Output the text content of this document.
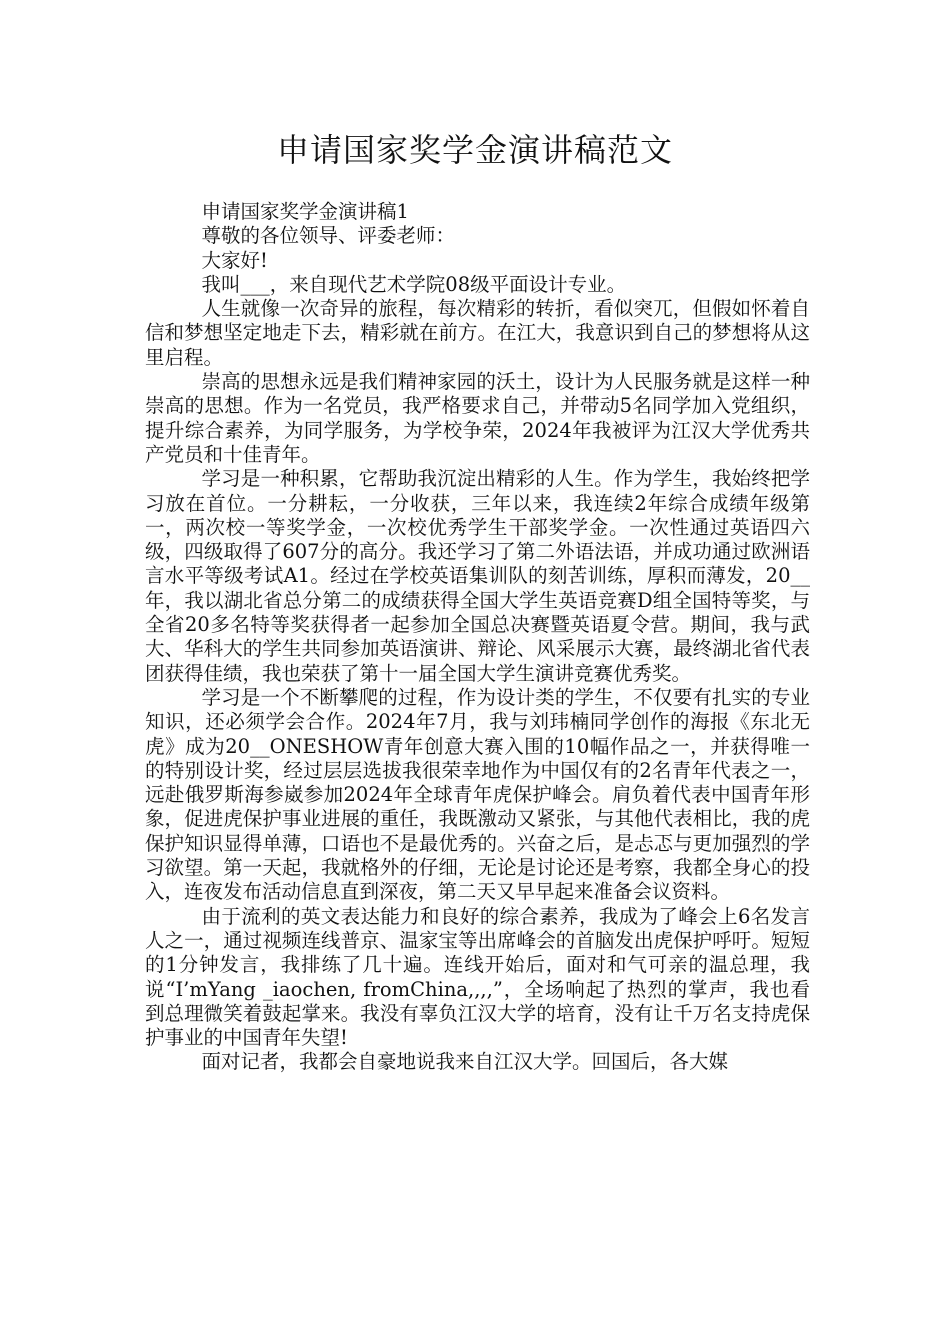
申请国家奖学金演讲稿范文

申请国家奖学金演讲稿1

尊敬的各位领导、评委老师：

大家好!

我叫___，来自现代艺术学院08级平面设计专业。

人生就像一次奇异的旅程，每次精彩的转折，看似突兀，但假如怀着自信和梦想坚定地走下去，精彩就在前方。在江大，我意识到自己的梦想将从这里启程。

崇高的思想永远是我们精神家园的沃土，设计为人民服务就是这样一种崇高的思想。作为一名党员，我严格要求自己，并带动5名同学加入党组织，提升综合素养，为同学服务，为学校争荣，2024年我被评为江汉大学优秀共产党员和十佳青年。

学习是一种积累，它帮助我沉淀出精彩的人生。作为学生，我始终把学习放在首位。一分耕耘，一分收获，三年以来，我连续2年综合成绩年级第一，两次校一等奖学金，一次校优秀学生干部奖学金。一次性通过英语四六级，四级取得了607分的高分。我还学习了第二外语法语，并成功通过欧洲语言水平等级考试A1。经过在学校英语集训队的刻苦训练，厚积而薄发，20__年，我以湖北省总分第二的成绩获得全国大学生英语竞赛D组全国特等奖，与全省20多名特等奖获得者一起参加全国总决赛暨英语夏令营。期间，我与武大、华科大的学生共同参加英语演讲、辩论、风采展示大赛，最终湖北省代表团获得佳绩，我也荣获了第十一届全国大学生演讲竞赛优秀奖。

学习是一个不断攀爬的过程，作为设计类的学生，不仅要有扎实的专业知识，还必须学会合作。2024年7月，我与刘玮楠同学创作的海报《东北无虎》成为20__ONESHOW青年创意大赛入围的10幅作品之一，并获得唯一的特别设计奖，经过层层选拔我很荣幸地作为中国仅有的2名青年代表之一，远赴俄罗斯海参崴参加2024年全球青年虎保护峰会。肩负着代表中国青年形象，促进虎保护事业进展的重任，我既激动又紧张，与其他代表相比，我的虎保护知识显得单薄，口语也不是最优秀的。兴奋之后，是忐忑与更加强烈的学习欲望。第一天起，我就格外的仔细，无论是讨论还是考察，我都全身心的投入，连夜发布活动信息直到深夜，第二天又早早起来准备会议资料。

由于流利的英文表达能力和良好的综合素养，我成为了峰会上6名发言人之一，通过视频连线普京、温家宝等出席峰会的首脑发出虎保护呼吁。短短的1分钟发言，我排练了几十遍。连线开始后，面对和气可亲的温总理，我说“I’mYang _iaochen, fromChina,,,,”，全场响起了热烈的掌声，我也看到总理微笑着鼓起掌来。我没有辜负江汉大学的培育，没有让千万名支持虎保护事业的中国青年失望!

面对记者，我都会自豪地说我来自江汉大学。回国后，各大媒
